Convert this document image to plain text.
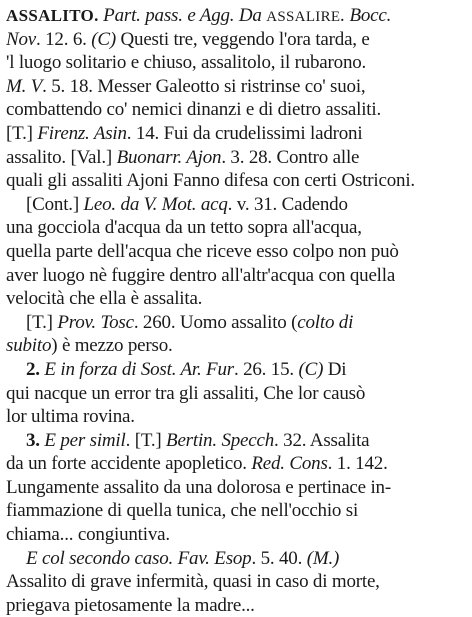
ASSALITO. Part. pass. e Agg. Da ASSALIRE. Bocc.
Nov. 12. 6. (C) Questi tre, veggendo l'ora tarda, e
'l luogo solitario e chiuso, assalitolo, il rubarono.
M. V. 5. 18. Messer Galeotto si ristrinse co' suoi,
combattendo co' nemici dinanzi e di dietro assaliti.
[T.] Firenz. Asin. 14. Fui da crudelissimi ladroni
assalito. [Val.] Buonarr. Ajon. 3. 28. Contro alle
quali gli assaliti Ajoni Fanno difesa con certi Ostriconi.
[Cont.] Leo. da V. Mot. acq. v. 31. Cadendo
una gocciola d'acqua da un tetto sopra all'acqua,
quella parte dell'acqua che riceve esso colpo non può
aver luogo nè fuggire dentro all'altr'acqua con quella
velocità che ella è assalita.
[T.] Prov. Tosc. 260. Uomo assalito (colto di
subito) è mezzo perso.
2. E in forza di Sost. Ar. Fur. 26. 15. (C) Di
qui nacque un error tra gli assaliti, Che lor causò
lor ultima rovina.
3. E per simil. [T.] Bertin. Specch. 32. Assalita
da un forte accidente apopletico. Red. Cons. 1. 142.
Lungamente assalito da una dolorosa e pertinace in-
fiammazione di quella tunica, che nell'occhio si
chiama... congiuntiva.
E col secondo caso. Fav. Esop. 5. 40. (M.)
Assalito di grave infermità, quasi in caso di morte,
priegava pietosamente la madre...
